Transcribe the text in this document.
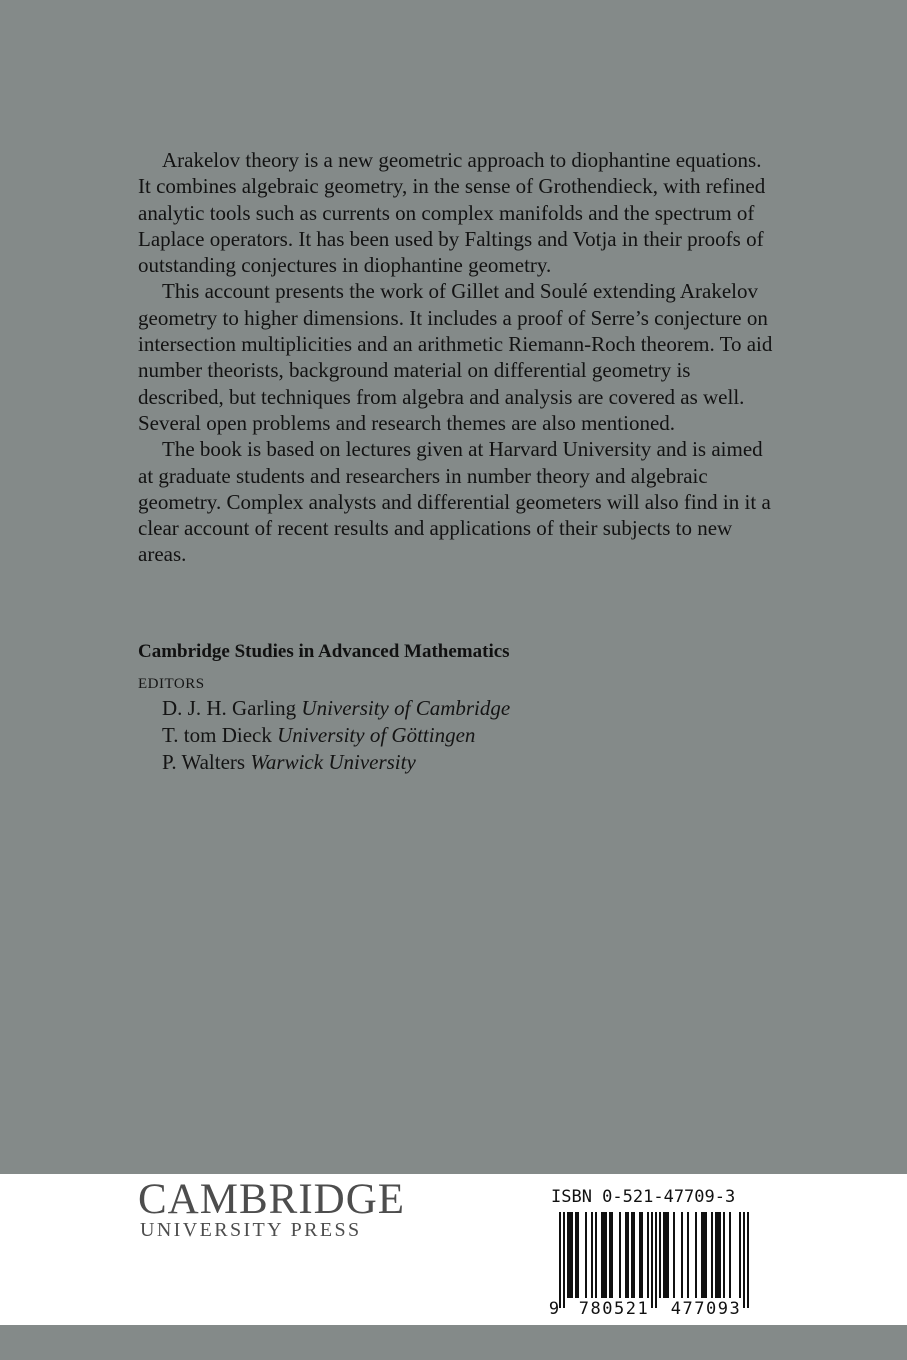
Arakelov theory is a new geometric approach to diophantine equations. It combines algebraic geometry, in the sense of Grothendieck, with refined analytic tools such as currents on complex manifolds and the spectrum of Laplace operators. It has been used by Faltings and Votja in their proofs of outstanding conjectures in diophantine geometry.

This account presents the work of Gillet and Soulé extending Arakelov geometry to higher dimensions. It includes a proof of Serre’s conjecture on intersection multiplicities and an arithmetic Riemann-Roch theorem. To aid number theorists, background material on differential geometry is described, but techniques from algebra and analysis are covered as well. Several open problems and research themes are also mentioned.

The book is based on lectures given at Harvard University and is aimed at graduate students and researchers in number theory and algebraic geometry. Complex analysts and differential geometers will also find in it a clear account of recent results and applications of their subjects to new areas.

Cambridge Studies in Advanced Mathematics
EDITORS
D. J. H. Garling University of Cambridge
T. tom Dieck University of Göttingen
P. Walters Warwick University
CAMBRIDGE
UNIVERSITY PRESS
ISBN 0-521-47709-3
9 780521 477093
